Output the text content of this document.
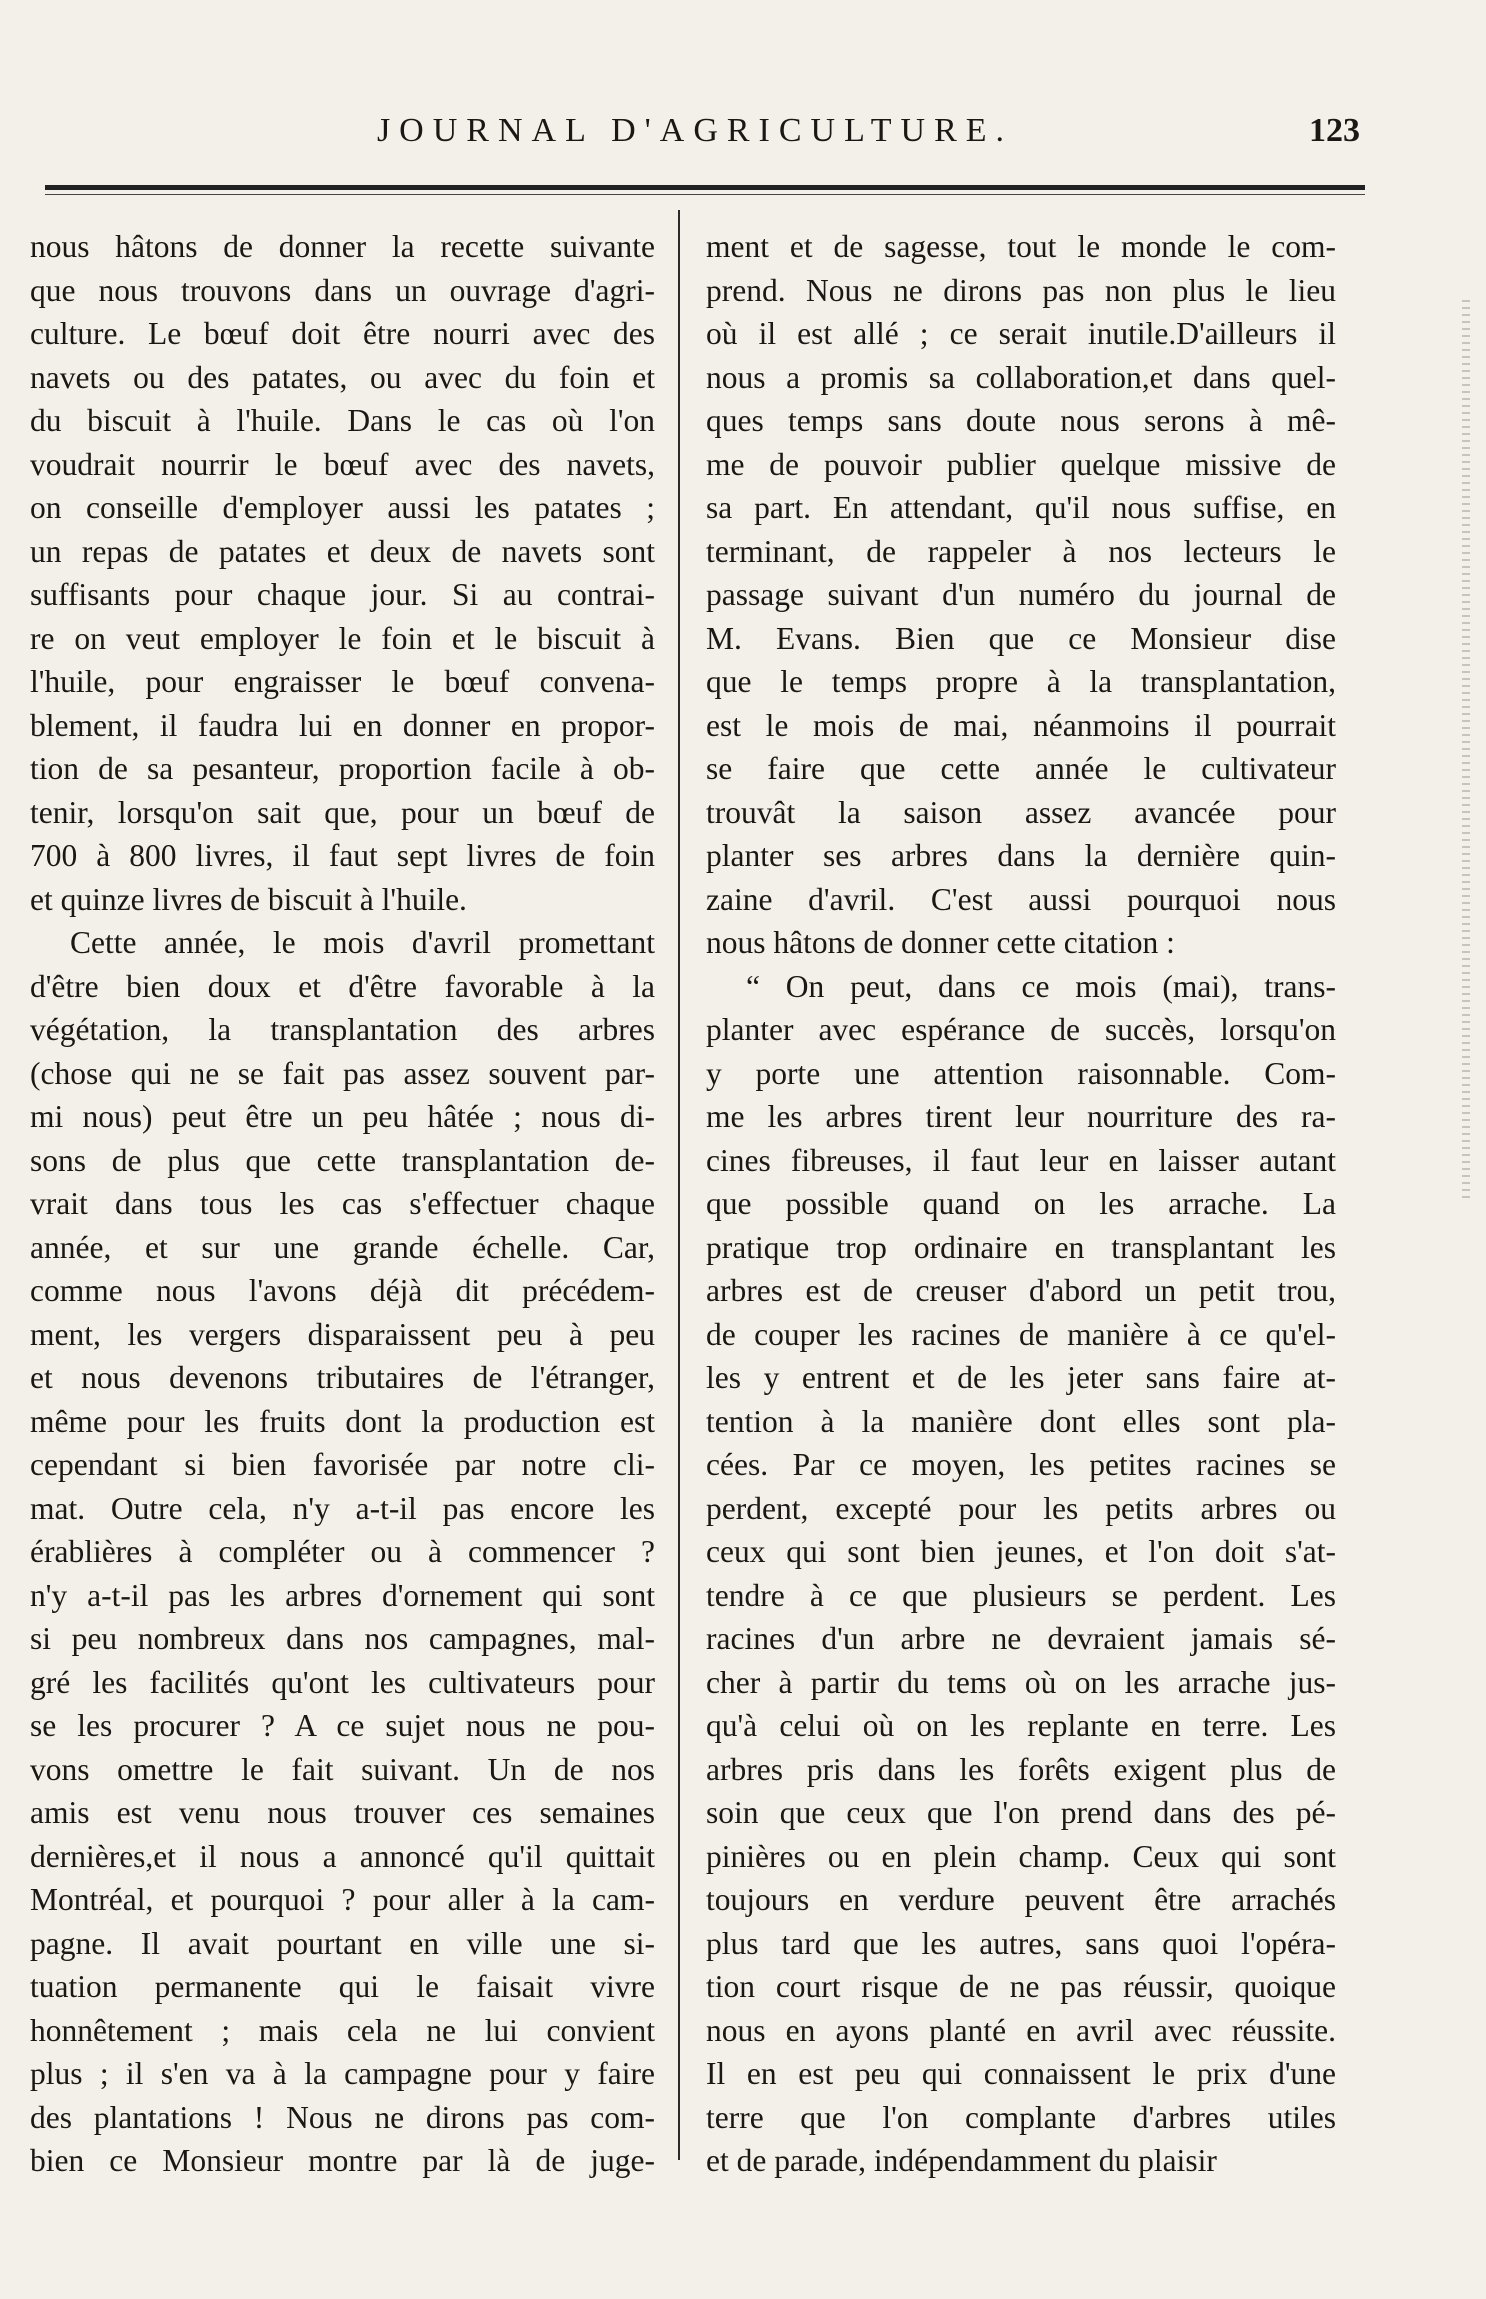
JOURNAL D'AGRICULTURE.	123
nous hâtons de donner la recette suivante
que nous trouvons dans un ouvrage d'agri-
culture. Le bœuf doit être nourri avec des
navets ou des patates, ou avec du foin et
du biscuit à l'huile. Dans le cas où l'on
voudrait nourrir le bœuf avec des navets,
on conseille d'employer aussi les patates ;
un repas de patates et deux de navets sont
suffisants pour chaque jour. Si au contrai-
re on veut employer le foin et le biscuit à
l'huile, pour engraisser le bœuf convena-
blement, il faudra lui en donner en propor-
tion de sa pesanteur, proportion facile à ob-
tenir, lorsqu'on sait que, pour un bœuf de
700 à 800 livres, il faut sept livres de foin
et quinze livres de biscuit à l'huile.
Cette année, le mois d'avril promettant
d'être bien doux et d'être favorable à la
végétation, la transplantation des arbres
(chose qui ne se fait pas assez souvent par-
mi nous) peut être un peu hâtée ; nous di-
sons de plus que cette transplantation de-
vrait dans tous les cas s'effectuer chaque
année, et sur une grande échelle. Car,
comme nous l'avons déjà dit précédem-
ment, les vergers disparaissent peu à peu
et nous devenons tributaires de l'étranger,
même pour les fruits dont la production est
cependant si bien favorisée par notre cli-
mat. Outre cela, n'y a-t-il pas encore les
érablières à compléter ou à commencer ?
n'y a-t-il pas les arbres d'ornement qui sont
si peu nombreux dans nos campagnes, mal-
gré les facilités qu'ont les cultivateurs pour
se les procurer ? A ce sujet nous ne pou-
vons omettre le fait suivant. Un de nos
amis est venu nous trouver ces semaines
dernières,et il nous a annoncé qu'il quittait
Montréal, et pourquoi ? pour aller à la cam-
pagne. Il avait pourtant en ville une si-
tuation permanente qui le faisait vivre
honnêtement ; mais cela ne lui convient
plus ; il s'en va à la campagne pour y faire
des plantations ! Nous ne dirons pas com-
bien ce Monsieur montre par là de juge-
ment et de sagesse, tout le monde le com-
prend. Nous ne dirons pas non plus le lieu
où il est allé ; ce serait inutile.D'ailleurs il
nous a promis sa collaboration,et dans quel-
ques temps sans doute nous serons à mê-
me de pouvoir publier quelque missive de
sa part. En attendant, qu'il nous suffise, en
terminant, de rappeler à nos lecteurs le
passage suivant d'un numéro du journal de
M. Evans. Bien que ce Monsieur dise
que le temps propre à la transplantation,
est le mois de mai, néanmoins il pourrait
se faire que cette année le cultivateur
trouvât la saison assez avancée pour
planter ses arbres dans la dernière quin-
zaine d'avril. C'est aussi pourquoi nous
nous hâtons de donner cette citation :
“ On peut, dans ce mois (mai), trans-
planter avec espérance de succès, lorsqu'on
y porte une attention raisonnable. Com-
me les arbres tirent leur nourriture des ra-
cines fibreuses, il faut leur en laisser autant
que possible quand on les arrache. La
pratique trop ordinaire en transplantant les
arbres est de creuser d'abord un petit trou,
de couper les racines de manière à ce qu'el-
les y entrent et de les jeter sans faire at-
tention à la manière dont elles sont pla-
cées. Par ce moyen, les petites racines se
perdent, excepté pour les petits arbres ou
ceux qui sont bien jeunes, et l'on doit s'at-
tendre à ce que plusieurs se perdent. Les
racines d'un arbre ne devraient jamais sé-
cher à partir du tems où on les arrache jus-
qu'à celui où on les replante en terre. Les
arbres pris dans les forêts exigent plus de
soin que ceux que l'on prend dans des pé-
pinières ou en plein champ. Ceux qui sont
toujours en verdure peuvent être arrachés
plus tard que les autres, sans quoi l'opéra-
tion court risque de ne pas réussir, quoique
nous en ayons planté en avril avec réussite.
Il en est peu qui connaissent le prix d'une
terre que l'on complante d'arbres utiles
et de parade, indépendamment du plaisir
